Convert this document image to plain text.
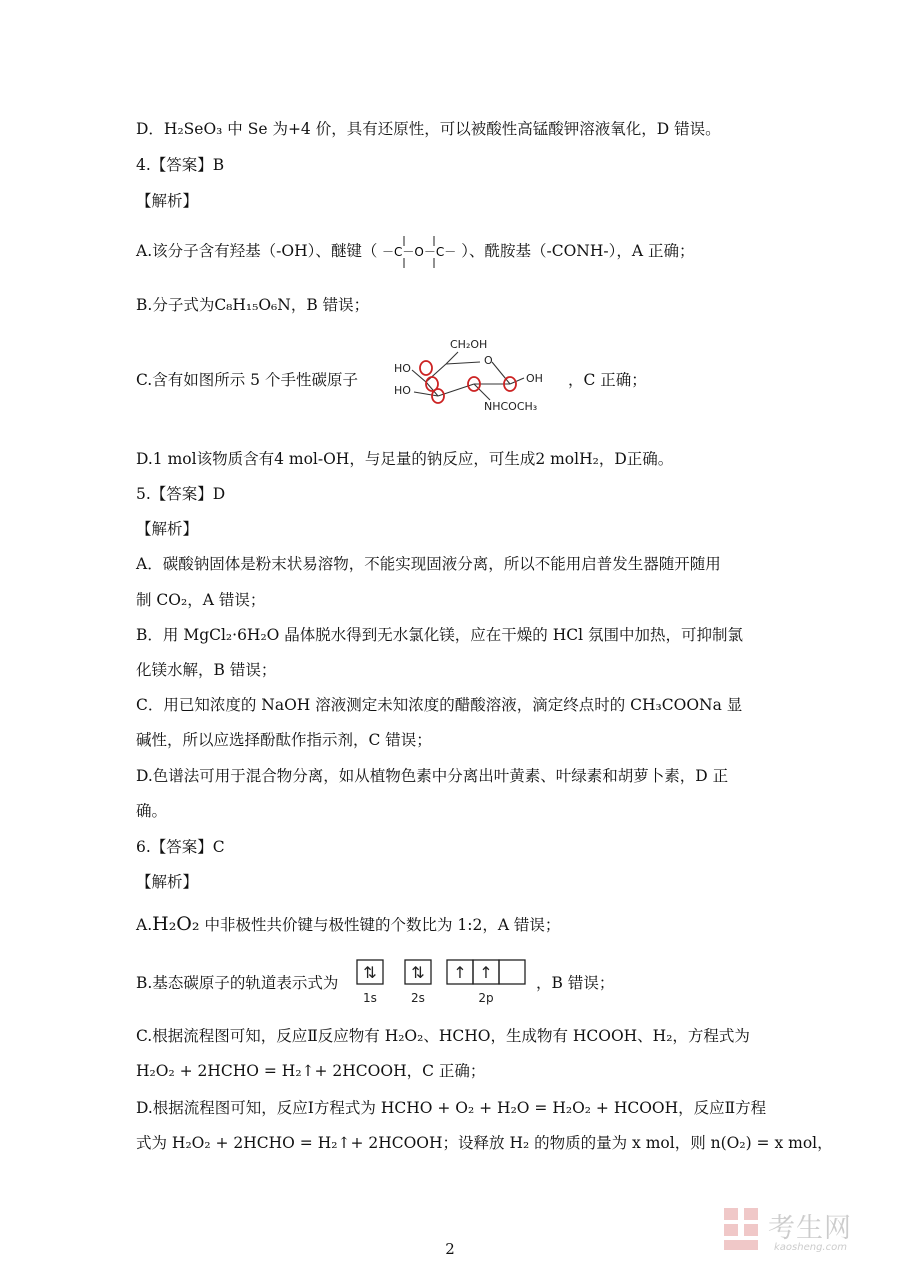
D．H₂SeO₃ 中 Se 为+4 价，具有还原性，可以被酸性高锰酸钾溶液氧化，D 错误。
4.【答案】B
【解析】
A.该分子含有羟基（-OH）、醚键（ －C－O－C－ ）、酰胺基（-CONH-），A 正确；
B.分子式为C₈H₁₅O₆N，B 错误；
C.含有如图所示 5 个手性碳原子
CH₂OH
O
HO
HO
OH
NHCOCH₃
，C 正确；
D.1 mol该物质含有4 mol-OH，与足量的钠反应，可生成2 molH₂，D正确。
5.【答案】D
【解析】
A．碳酸钠固体是粉末状易溶物，不能实现固液分离，所以不能用启普发生器随开随用
制 CO₂，A 错误；
B．用 MgCl₂·6H₂O 晶体脱水得到无水氯化镁，应在干燥的 HCl 氛围中加热，可抑制氯
化镁水解，B 错误；
C．用已知浓度的 NaOH 溶液测定未知浓度的醋酸溶液，滴定终点时的 CH₃COONa 显
碱性，所以应选择酚酞作指示剂，C 错误；
D.色谱法可用于混合物分离，如从植物色素中分离出叶黄素、叶绿素和胡萝卜素，D 正
确。
6.【答案】C
【解析】
A.H₂O₂ 中非极性共价键与极性键的个数比为 1:2，A 错误；
B.基态碳原子的轨道表示式为
⇅ ⇅ ↑ ↑
1s	2s	2p
，B 错误；
C.根据流程图可知，反应Ⅱ反应物有 H₂O₂、HCHO，生成物有 HCOOH、H₂，方程式为
H₂O₂ + 2HCHO = H₂↑+ 2HCOOH，C 正确；
D.根据流程图可知，反应Ⅰ方程式为 HCHO + O₂ + H₂O = H₂O₂ + HCOOH，反应Ⅱ方程
式为 H₂O₂ + 2HCHO = H₂↑+ 2HCOOH；设释放 H₂ 的物质的量为 x mol，则 n(O₂) = x mol，
2
考生网
kaosheng.com
